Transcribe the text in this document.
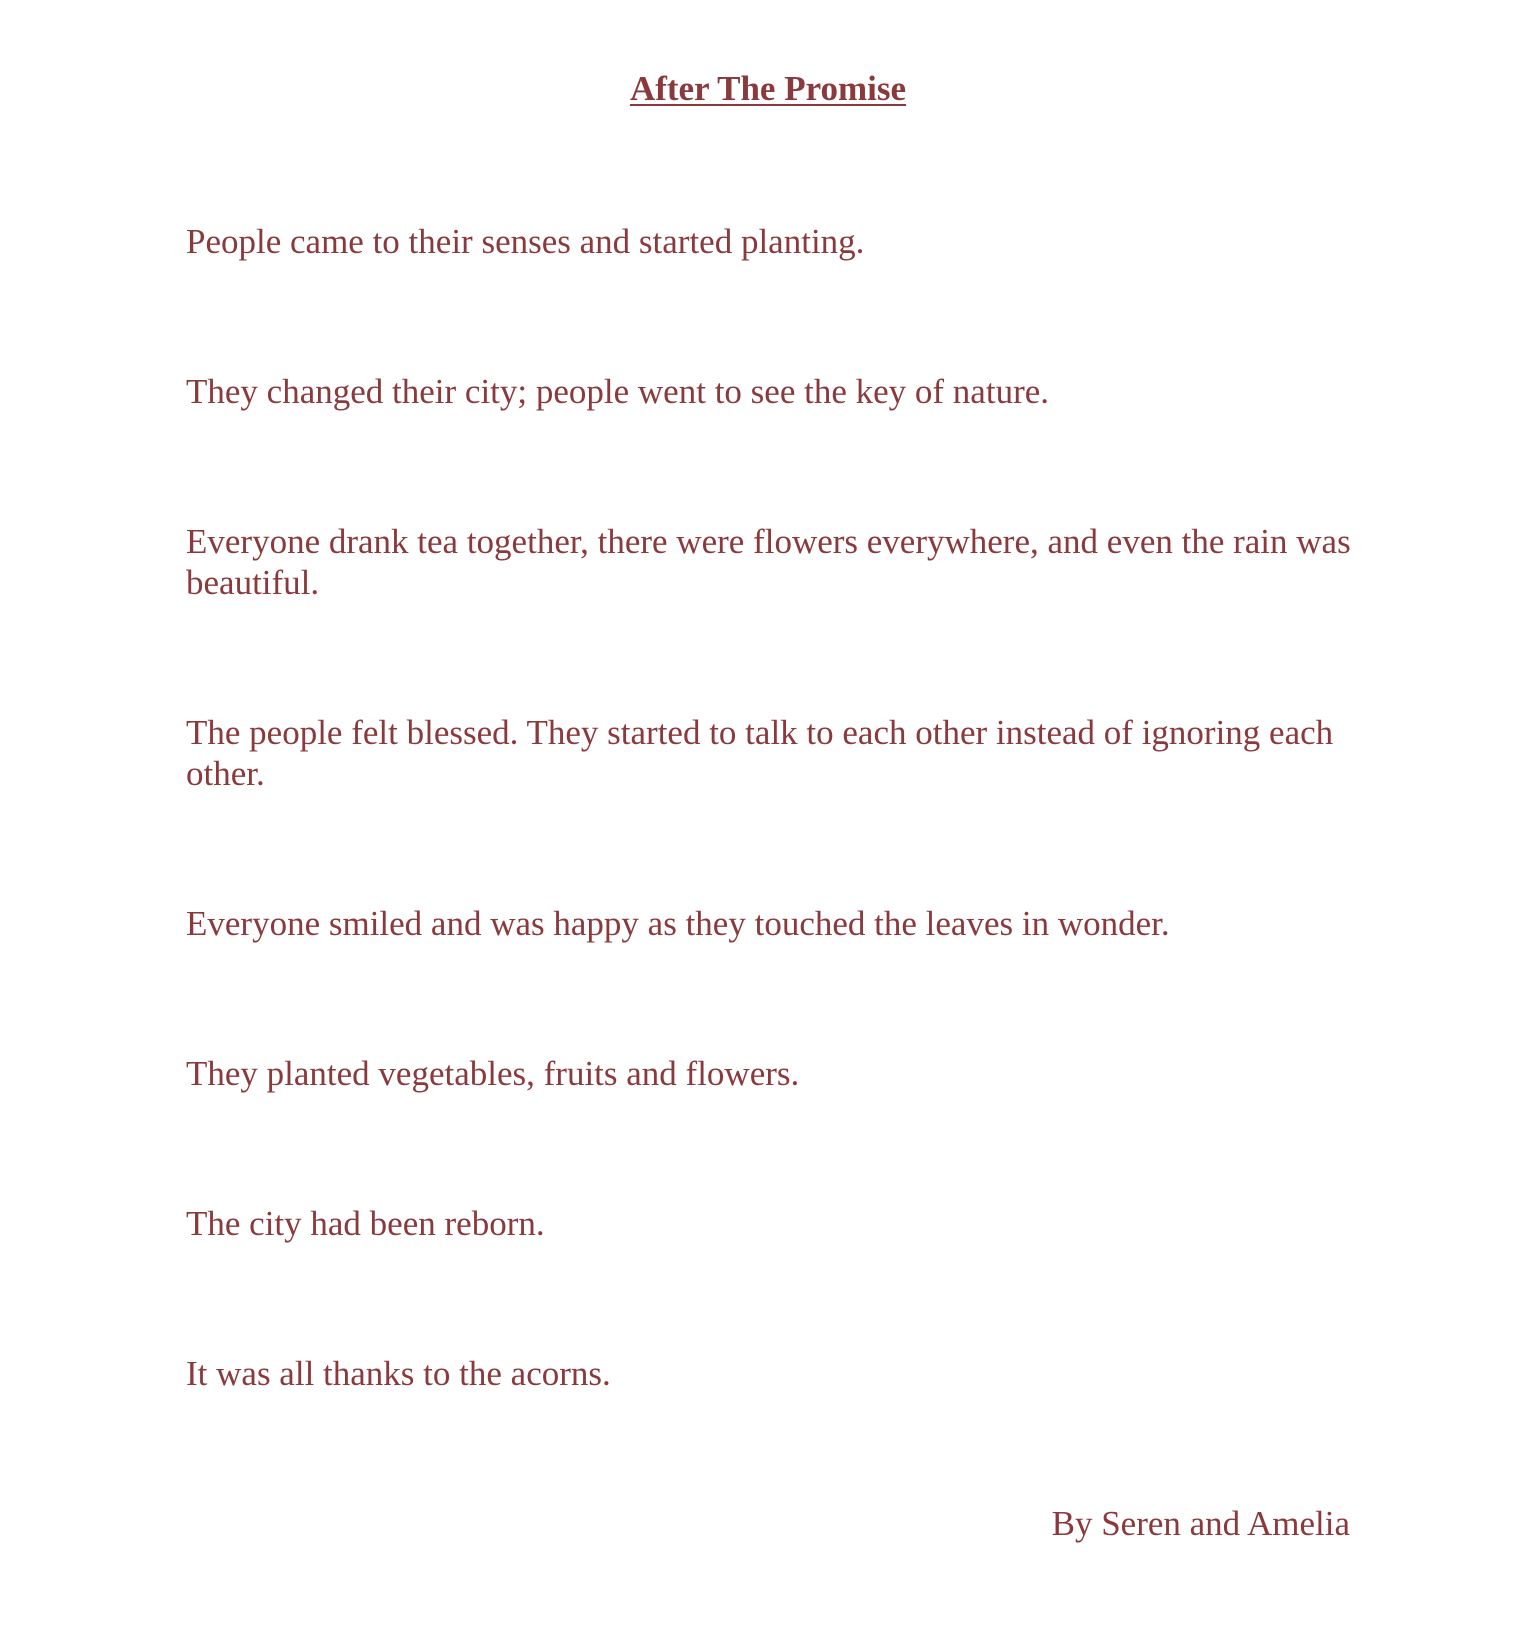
After The Promise

People came to their senses and started planting.

They changed their city; people went to see the key of nature.

Everyone drank tea together, there were flowers everywhere, and even the rain was beautiful.

The people felt blessed. They started to talk to each other instead of ignoring each other.

Everyone smiled and was happy as they touched the leaves in wonder.

They planted vegetables, fruits and flowers.

The city had been reborn.

It was all thanks to the acorns.

By Seren and Amelia
